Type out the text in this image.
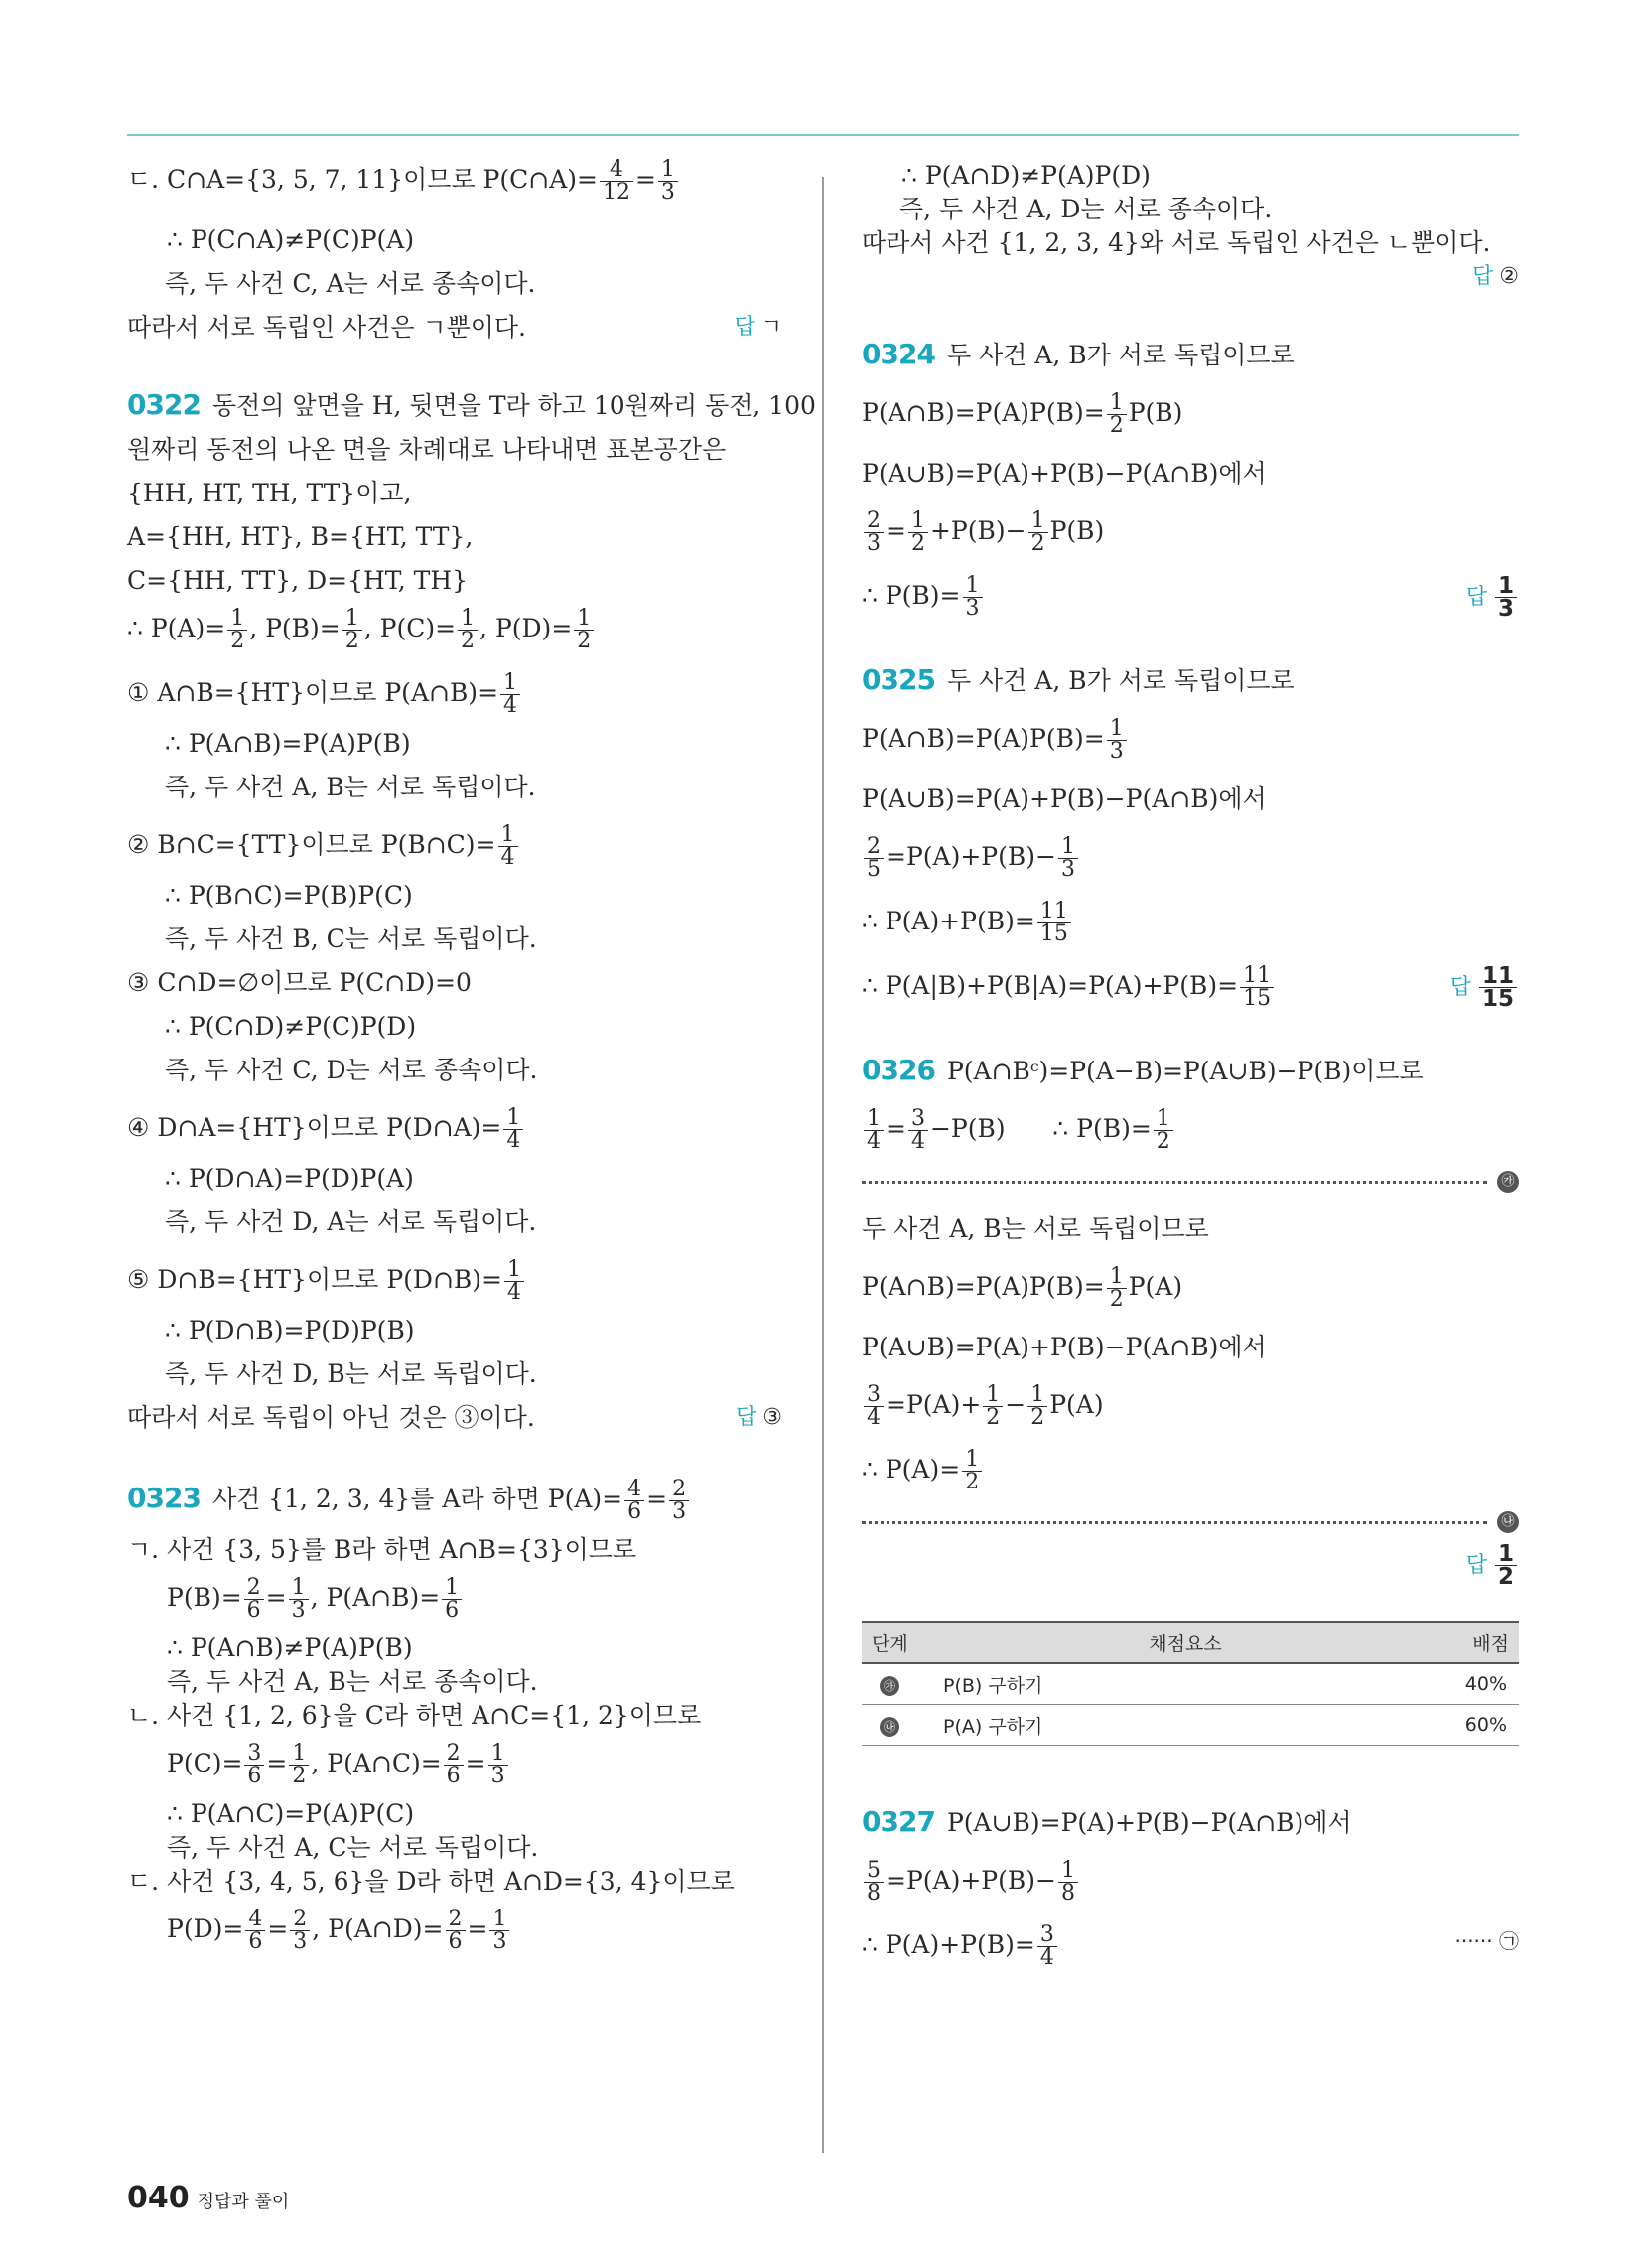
ㄷ. C∩A={3, 5, 7, 11}이므로 P(C∩A)= $\frac{4}{12} = \frac{1}{3}$
∴ P(C∩A)≠P(C)P(A)
즉, 두 사건 C, A는 서로 종속이다.
따라서 서로 독립인 사건은 ㄱ뿐이다.	답 ㄱ
0322 동전의 앞면을 H, 뒷면을 T라 하고 10원짜리 동전, 100
원짜리 동전의 나온 면을 차례대로 나타내면 표본공간은
{HH, HT, TH, TT}이고,
A={HH, HT}, B={HT, TT},
C={HH, TT}, D={HT, TH}
∴ $P(A)= \frac{1}{2}$ , $P(B)= \frac{1}{2}$ , $P(C)= \frac{1}{2}$ , $P(D)= \frac{1}{2}$
① A∩B={HT}이므로 P(A∩B)= $\frac{1}{4}$
∴ P(A∩B)=P(A)P(B)
즉, 두 사건 A, B는 서로 독립이다.
② B∩C={TT}이므로 P(B∩C)= $\frac{1}{4}$
∴ P(B∩C)=P(B)P(C)
즉, 두 사건 B, C는 서로 독립이다.
③ C∩D=∅이므로 P(C∩D)=0
∴ P(C∩D)≠P(C)P(D)
즉, 두 사건 C, D는 서로 종속이다.
④ D∩A={HT}이므로 P(D∩A)= $\frac{1}{4}$
∴ P(D∩A)=P(D)P(A)
즉, 두 사건 D, A는 서로 독립이다.
⑤ D∩B={HT}이므로 P(D∩B)= $\frac{1}{4}$
∴ P(D∩B)=P(D)P(B)
즉, 두 사건 D, B는 서로 독립이다.
따라서 서로 독립이 아닌 것은 ③이다.	답 ③
0323 사건 {1, 2, 3, 4}를 A라 하면 $P(A)= \frac{4}{6} = \frac{2}{3}$
ㄱ. 사건 {3, 5}를 B라 하면 A∩B={3}이므로
$P(B)= \frac{2}{6} = \frac{1}{3}$ , P(A∩B)= $\frac{1}{6}$
∴ P(A∩B)≠P(A)P(B)
즉, 두 사건 A, B는 서로 종속이다.
ㄴ. 사건 {1, 2, 6}을 C라 하면 A∩C={1, 2}이므로
$P(C)= \frac{3}{6} = \frac{1}{2}$ , P(A∩C)= $\frac{2}{6} = \frac{1}{3}$
∴ P(A∩C)=P(A)P(C)
즉, 두 사건 A, C는 서로 독립이다.
ㄷ. 사건 {3, 4, 5, 6}을 D라 하면 A∩D={3, 4}이므로
$P(D)= \frac{4}{6} = \frac{2}{3}$ , P(A∩D)= $\frac{2}{6} = \frac{1}{3}$
∴ P(A∩D)≠P(A)P(D)
즉, 두 사건 A, D는 서로 종속이다.
따라서 사건 {1, 2, 3, 4}와 서로 독립인 사건은 ㄴ뿐이다.
답 ②
0324 두 사건 A, B가 서로 독립이므로
P(A∩B)=P(A)P(B)= $\frac{1}{2} P(B)$
P(A∪B)=P(A)+P(B)−P(A∩B)에서
$\frac{2}{3} = \frac{1}{2} +P(B)- \frac{1}{2} P(B)$
∴ $P(B)= \frac{1}{3}$	답 $\frac{1}{3}$
0325 두 사건 A, B가 서로 독립이므로
P(A∩B)=P(A)P(B)= $\frac{1}{3}$
P(A∪B)=P(A)+P(B)−P(A∩B)에서
$\frac{2}{5} =P(A)+P(B)- \frac{1}{3}$
∴ $P(A)+P(B)= \frac{11}{15}$
∴ $P(A|B)+P(B|A)=P(A)+P(B)= \frac{11}{15}$	답 $\frac{11}{15}$
0326 P(A∩Bᶜ)=P(A−B)=P(A∪B)−P(B)이므로
$\frac{1}{4} = \frac{3}{4} -P(B)$      ∴ $P(B)= \frac{1}{2}$
㉮
두 사건 A, B는 서로 독립이므로
P(A∩B)=P(A)P(B)= $\frac{1}{2} P(A)$
P(A∪B)=P(A)+P(B)−P(A∩B)에서
$\frac{3}{4} =P(A)+ \frac{1}{2} - \frac{1}{2} P(A)$
∴ $P(A)= \frac{1}{2}$
㉯
답 $\frac{1}{2}$
단계	채점요소	배점
㉮	P(B) 구하기	40%
㉯	P(A) 구하기	60%
0327 P(A∪B)=P(A)+P(B)−P(A∩B)에서
$\frac{5}{8} =P(A)+P(B)- \frac{1}{8}$
∴ $P(A)+P(B)= \frac{3}{4}$	······ ㉠
040 정답과 풀이
